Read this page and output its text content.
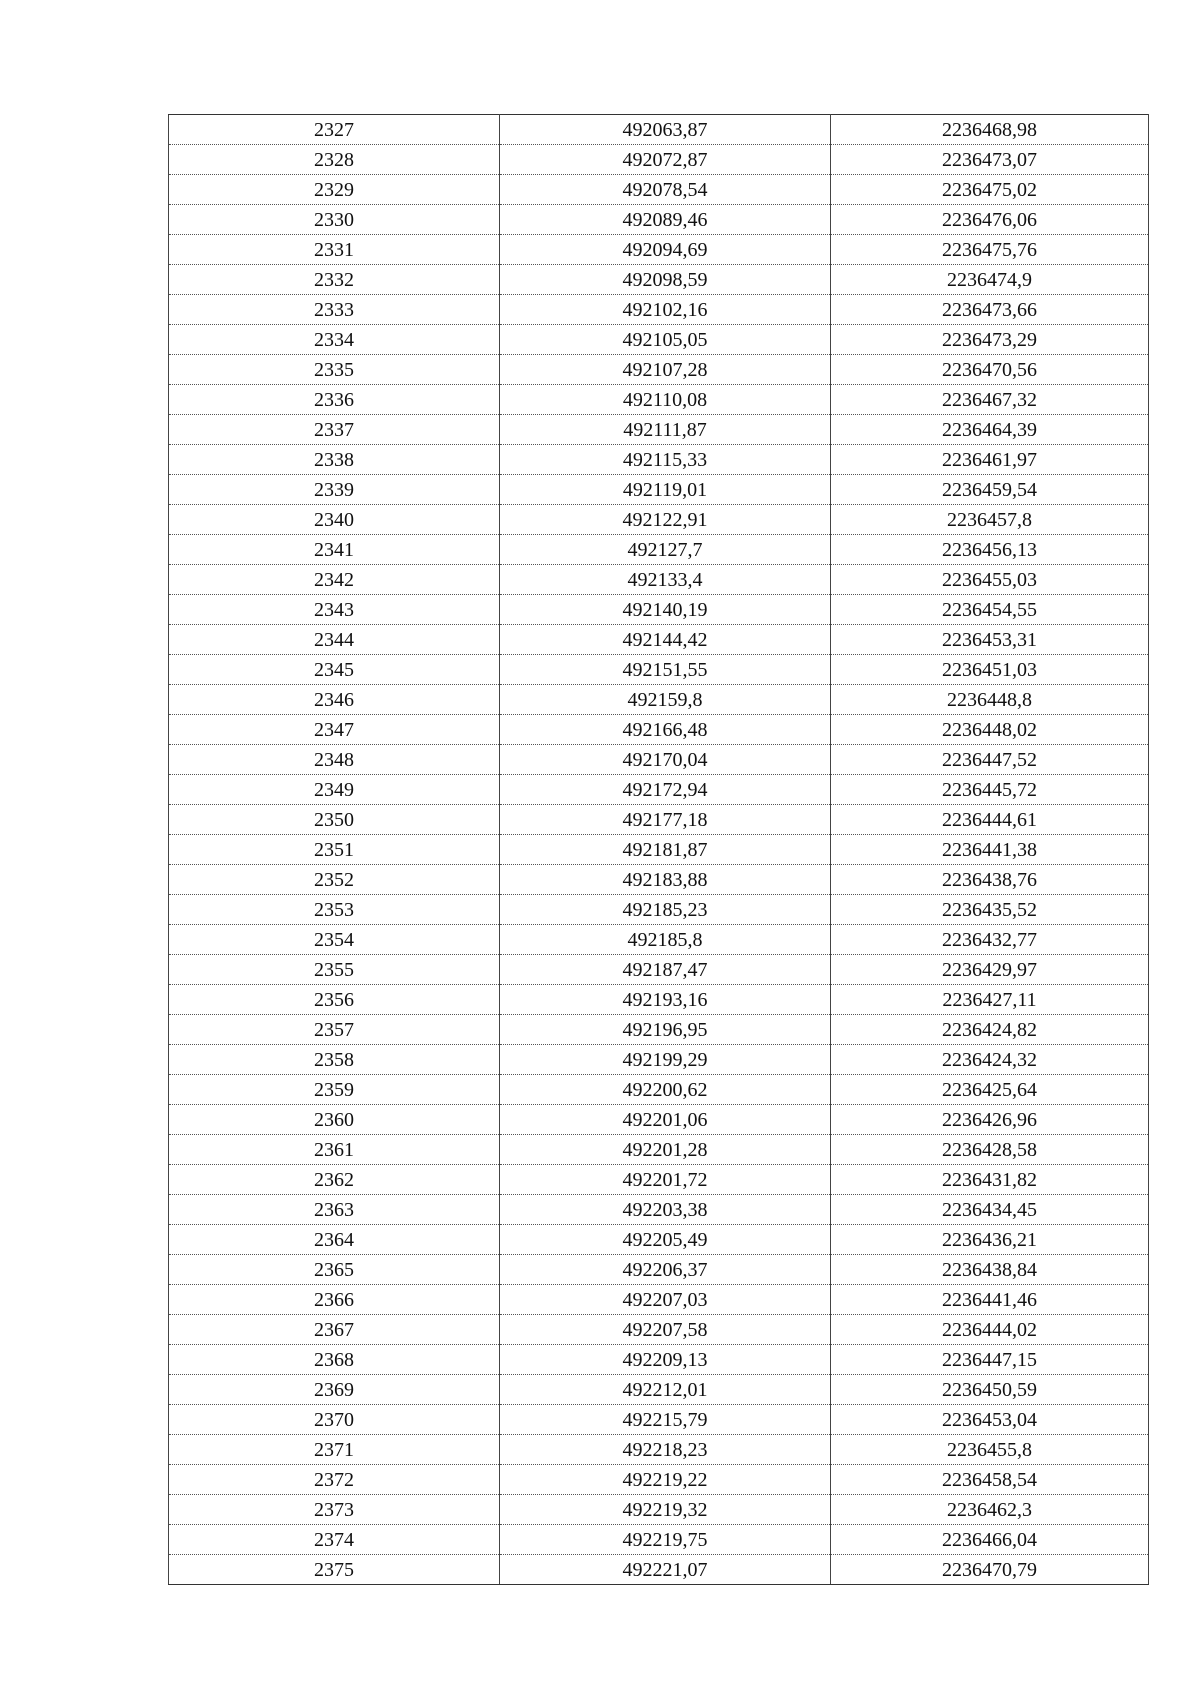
2327	492063,87	2236468,98
2328	492072,87	2236473,07
2329	492078,54	2236475,02
2330	492089,46	2236476,06
2331	492094,69	2236475,76
2332	492098,59	2236474,9
2333	492102,16	2236473,66
2334	492105,05	2236473,29
2335	492107,28	2236470,56
2336	492110,08	2236467,32
2337	492111,87	2236464,39
2338	492115,33	2236461,97
2339	492119,01	2236459,54
2340	492122,91	2236457,8
2341	492127,7	2236456,13
2342	492133,4	2236455,03
2343	492140,19	2236454,55
2344	492144,42	2236453,31
2345	492151,55	2236451,03
2346	492159,8	2236448,8
2347	492166,48	2236448,02
2348	492170,04	2236447,52
2349	492172,94	2236445,72
2350	492177,18	2236444,61
2351	492181,87	2236441,38
2352	492183,88	2236438,76
2353	492185,23	2236435,52
2354	492185,8	2236432,77
2355	492187,47	2236429,97
2356	492193,16	2236427,11
2357	492196,95	2236424,82
2358	492199,29	2236424,32
2359	492200,62	2236425,64
2360	492201,06	2236426,96
2361	492201,28	2236428,58
2362	492201,72	2236431,82
2363	492203,38	2236434,45
2364	492205,49	2236436,21
2365	492206,37	2236438,84
2366	492207,03	2236441,46
2367	492207,58	2236444,02
2368	492209,13	2236447,15
2369	492212,01	2236450,59
2370	492215,79	2236453,04
2371	492218,23	2236455,8
2372	492219,22	2236458,54
2373	492219,32	2236462,3
2374	492219,75	2236466,04
2375	492221,07	2236470,79
